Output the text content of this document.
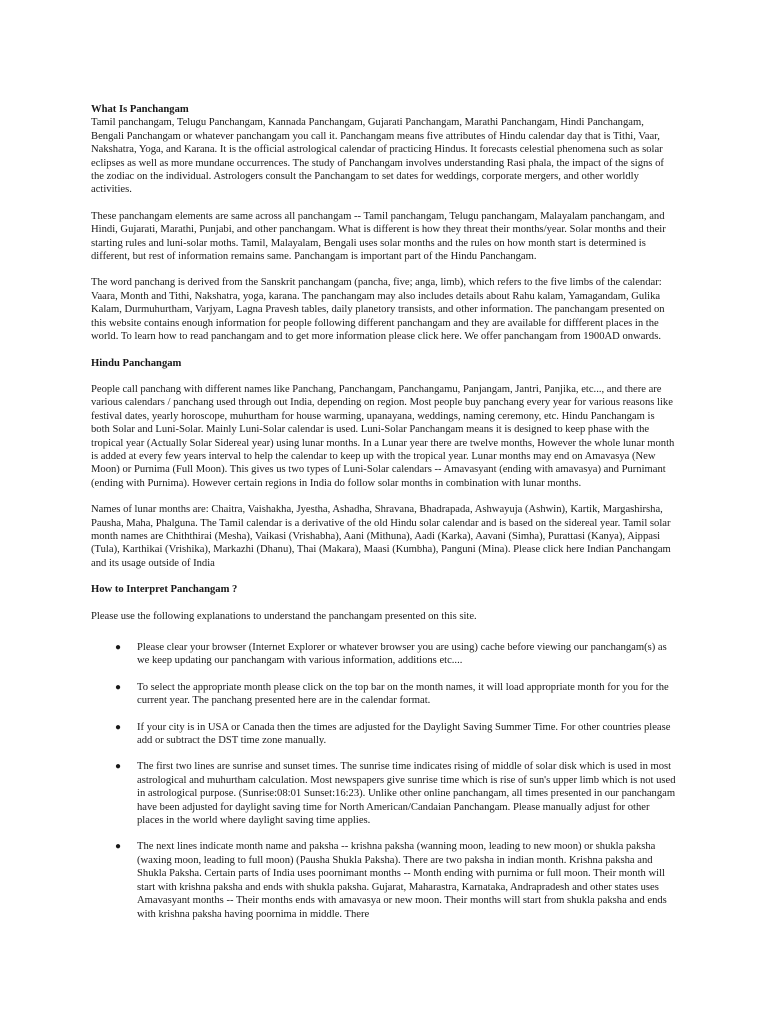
What Is Panchangam

Tamil panchangam, Telugu Panchangam, Kannada Panchangam, Gujarati Panchangam, Marathi Panchangam, Hindi Panchangam, Bengali Panchangam or whatever panchangam you call it. Panchangam means five attributes of Hindu calendar day that is Tithi, Vaar, Nakshatra, Yoga, and Karana. It is the official astrological calendar of practicing Hindus. It forecasts celestial phenomena such as solar eclipses as well as more mundane occurrences. The study of Panchangam involves understanding Rasi phala, the impact of the signs of the zodiac on the individual. Astrologers consult the Panchangam to set dates for weddings, corporate mergers, and other worldly activities.

These panchangam elements are same across all panchangam -- Tamil panchangam, Telugu panchangam, Malayalam panchangam, and Hindi, Gujarati, Marathi, Punjabi, and other panchangam. What is different is how they threat their months/year. Solar months and their starting rules and luni-solar moths. Tamil, Malayalam, Bengali uses solar months and the rules on how month start is determined is different, but rest of information remains same. Panchangam is important part of the Hindu Panchangam.

The word panchang is derived from the Sanskrit panchangam (pancha, five; anga, limb), which refers to the five limbs of the calendar: Vaara, Month and Tithi, Nakshatra, yoga, karana. The panchangam may also includes details about Rahu kalam, Yamagandam, Gulika Kalam, Durmuhurtham, Varjyam, Lagna Pravesh tables, daily planetory transists, and other information. The panchangam presented on this website contains enough information for people following different panchangam and they are available for diffferent places in the world. To learn how to read panchangam and to get more information please click here. We offer panchangam from 1900AD onwards.

Hindu Panchangam

People call panchang with different names like Panchang, Panchangam, Panchangamu, Panjangam, Jantri, Panjika, etc..., and there are various calendars / panchang used through out India, depending on region. Most people buy panchang every year for various reasons like festival dates, yearly horoscope, muhurtham for house warming, upanayana, weddings, naming ceremony, etc. Hindu Panchangam is both Solar and Luni-Solar. Mainly Luni-Solar calendar is used. Luni-Solar Panchangam means it is designed to keep phase with the tropical year (Actually Solar Sidereal year) using lunar months. In a Lunar year there are twelve months, However the whole lunar month is added at every few years interval to help the calendar to keep up with the tropical year. Lunar months may end on Amavasya (New Moon) or Purnima (Full Moon). This gives us two types of Luni-Solar calendars -- Amavasyant (ending with amavasya) and Purnimant (ending with Purnima). However certain regions in India do follow solar months in combination with lunar months.

Names of lunar months are: Chaitra, Vaishakha, Jyestha, Ashadha, Shravana, Bhadrapada, Ashwayuja (Ashwin), Kartik, Margashirsha, Pausha, Maha, Phalguna. The Tamil calendar is a derivative of the old Hindu solar calendar and is based on the sidereal year. Tamil solar month names are Chiththirai (Mesha), Vaikasi (Vrishabha), Aani (Mithuna), Aadi (Karka), Aavani (Simha), Purattasi (Kanya), Aippasi (Tula), Karthikai (Vrishika), Markazhi (Dhanu), Thai (Makara), Maasi (Kumbha), Panguni (Mina). Please click here Indian Panchangam and its usage outside of India

How to Interpret Panchangam ?

Please use the following explanations to understand the panchangam presented on this site.

● Please clear your browser (Internet Explorer or whatever browser you are using) cache before viewing our panchangam(s) as we keep updating our panchangam with various information, additions etc....
● To select the appropriate month please click on the top bar on the month names, it will load appropriate month for you for the current year. The panchang presented here are in the calendar format.
● If your city is in USA or Canada then the times are adjusted for the Daylight Saving Summer Time. For other countries please add or subtract the DST time zone manually.
● The first two lines are sunrise and sunset times. The sunrise time indicates rising of middle of solar disk which is used in most astrological and muhurtham calculation. Most newspapers give sunrise time which is rise of sun's upper limb which is not used in astrological purpose. (Sunrise:08:01 Sunset:16:23). Unlike other online panchangam, all times presented in our panchangam have been adjusted for daylight saving time for North American/Candaian Panchangam. Please manually adjust for other places in the world where daylight saving time applies.
● The next lines indicate month name and paksha -- krishna paksha (wanning moon, leading to new moon) or shukla paksha (waxing moon, leading to full moon) (Pausha Shukla Paksha). There are two paksha in indian month. Krishna paksha and Shukla Paksha. Certain parts of India uses poornimant months -- Month ending with purnima or full moon. Their month will start with krishna paksha and ends with shukla paksha. Gujarat, Maharastra, Karnataka, Andrapradesh and other states uses Amavasyant months -- Their months ends with amavasya or new moon. Their months will start from shukla paksha and ends with krishna paksha having poornima in middle. There
